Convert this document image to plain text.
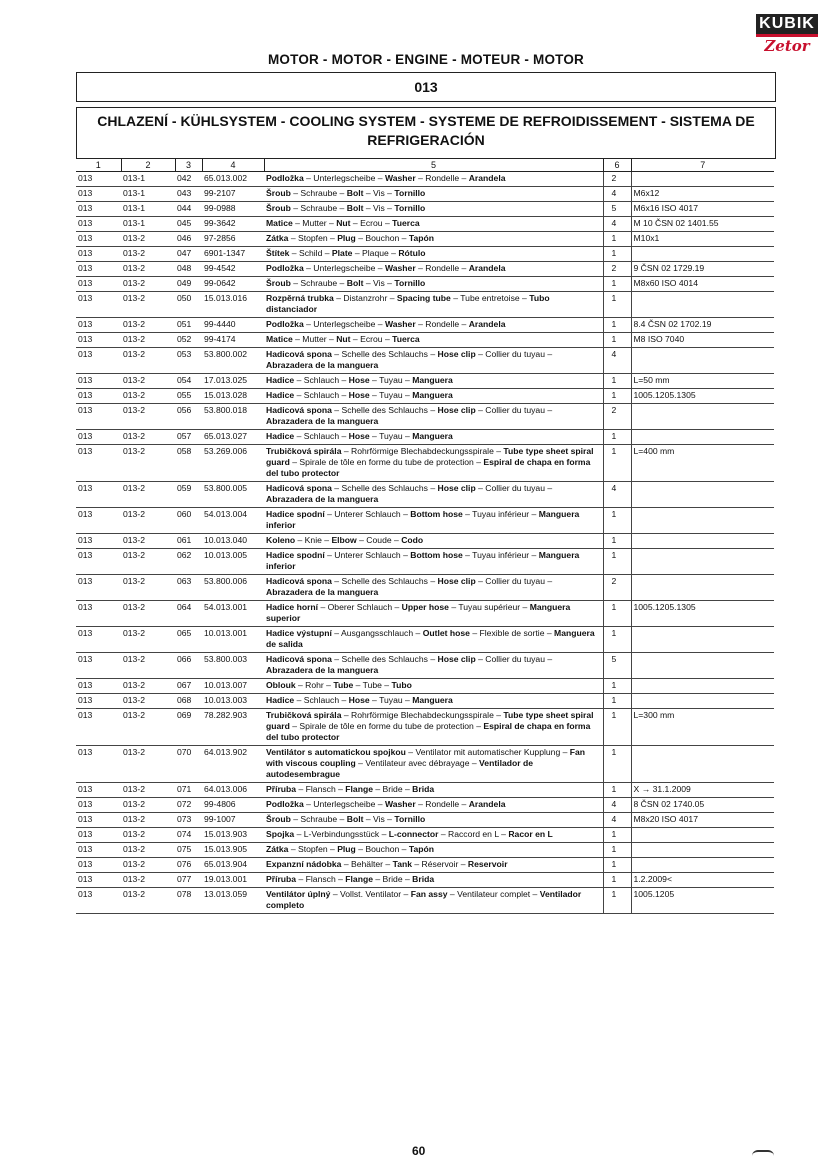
KUBIK
Zetor
MOTOR - MOTOR - ENGINE - MOTEUR - MOTOR
013
CHLAZENÍ - KÜHLSYSTEM - COOLING SYSTEM - SYSTEME DE REFROIDISSEMENT - SISTEMA DE REFRIGERACIÓN
1	2	3	4	5	6	7
013	013-1	042	65.013.002	Podložka – Unterlegscheibe – Washer – Rondelle – Arandela	2	
013	013-1	043	99-2107	Šroub – Schraube – Bolt – Vis – Tornillo	4	M6x12
013	013-1	044	99-0988	Šroub – Schraube – Bolt – Vis – Tornillo	5	M6x16 ISO 4017
013	013-1	045	99-3642	Matice – Mutter – Nut – Ecrou – Tuerca	4	M 10 ČSN 02 1401.55
013	013-2	046	97-2856	Zátka – Stopfen – Plug – Bouchon – Tapón	1	M10x1
013	013-2	047	6901-1347	Štítek – Schild – Plate – Plaque – Rótulo	1	
013	013-2	048	99-4542	Podložka – Unterlegscheibe – Washer – Rondelle – Arandela	2	9 ČSN 02 1729.19
013	013-2	049	99-0642	Šroub – Schraube – Bolt – Vis – Tornillo	1	M8x60 ISO 4014
013	013-2	050	15.013.016	Rozpěrná trubka – Distanzrohr – Spacing tube – Tube entretoise – Tubo distanciador	1	
013	013-2	051	99-4440	Podložka – Unterlegscheibe – Washer – Rondelle – Arandela	1	8.4 ČSN 02 1702.19
013	013-2	052	99-4174	Matice – Mutter – Nut – Ecrou – Tuerca	1	M8 ISO 7040
013	013-2	053	53.800.002	Hadicová spona – Schelle des Schlauchs – Hose clip – Collier du tuyau – Abrazadera de la manguera	4	
013	013-2	054	17.013.025	Hadice – Schlauch – Hose – Tuyau – Manguera	1	L=50 mm
013	013-2	055	15.013.028	Hadice – Schlauch – Hose – Tuyau – Manguera	1	1005.1205.1305
013	013-2	056	53.800.018	Hadicová spona – Schelle des Schlauchs – Hose clip – Collier du tuyau – Abrazadera de la manguera	2	
013	013-2	057	65.013.027	Hadice – Schlauch – Hose – Tuyau – Manguera	1	
013	013-2	058	53.269.006	Trubičková spirála – Rohrförmige Blechabdeckungsspirale – Tube type sheet spiral guard – Spirale de tôle en forme du tube de protection – Espiral de chapa en forma del tubo protector	1	L=400 mm
013	013-2	059	53.800.005	Hadicová spona – Schelle des Schlauchs – Hose clip – Collier du tuyau – Abrazadera de la manguera	4	
013	013-2	060	54.013.004	Hadice spodní – Unterer Schlauch – Bottom hose – Tuyau inférieur – Manguera inferior	1	
013	013-2	061	10.013.040	Koleno – Knie – Elbow – Coude – Codo	1	
013	013-2	062	10.013.005	Hadice spodní – Unterer Schlauch – Bottom hose – Tuyau inférieur – Manguera inferior	1	
013	013-2	063	53.800.006	Hadicová spona – Schelle des Schlauchs – Hose clip – Collier du tuyau – Abrazadera de la manguera	2	
013	013-2	064	54.013.001	Hadice horní – Oberer Schlauch – Upper hose – Tuyau supérieur – Manguera superior	1	1005.1205.1305
013	013-2	065	10.013.001	Hadice výstupní – Ausgangsschlauch – Outlet hose – Flexible de sortie – Manguera de salida	1	
013	013-2	066	53.800.003	Hadicová spona – Schelle des Schlauchs – Hose clip – Collier du tuyau – Abrazadera de la manguera	5	
013	013-2	067	10.013.007	Oblouk – Rohr – Tube – Tube – Tubo	1	
013	013-2	068	10.013.003	Hadice – Schlauch – Hose – Tuyau – Manguera	1	
013	013-2	069	78.282.903	Trubičková spirála – Rohrförmige Blechabdeckungsspirale – Tube type sheet spiral guard – Spirale de tôle en forme du tube de protection – Espiral de chapa en forma del tubo protector	1	L=300 mm
013	013-2	070	64.013.902	Ventilátor s automatickou spojkou – Ventilator mit automatischer Kupplung – Fan with viscous coupling – Ventilateur avec débrayage – Ventilador de autodesembrague	1	
013	013-2	071	64.013.006	Příruba – Flansch – Flange – Bride – Brida	1	X → 31.1.2009
013	013-2	072	99-4806	Podložka – Unterlegscheibe – Washer – Rondelle – Arandela	4	8 ČSN 02 1740.05
013	013-2	073	99-1007	Šroub – Schraube – Bolt – Vis – Tornillo	4	M8x20 ISO 4017
013	013-2	074	15.013.903	Spojka – L-Verbindungsstück – L-connector – Raccord en L – Racor en L	1	
013	013-2	075	15.013.905	Zátka – Stopfen – Plug – Bouchon – Tapón	1	
013	013-2	076	65.013.904	Expanzní nádobka – Behälter – Tank – Réservoir – Reservoir	1	
013	013-2	077	19.013.001	Příruba – Flansch – Flange – Bride – Brida	1	1.2.2009<
013	013-2	078	13.013.059	Ventilátor úplný – Vollst. Ventilator – Fan assy – Ventilateur complet – Ventilador completo	1	1005.1205
60
